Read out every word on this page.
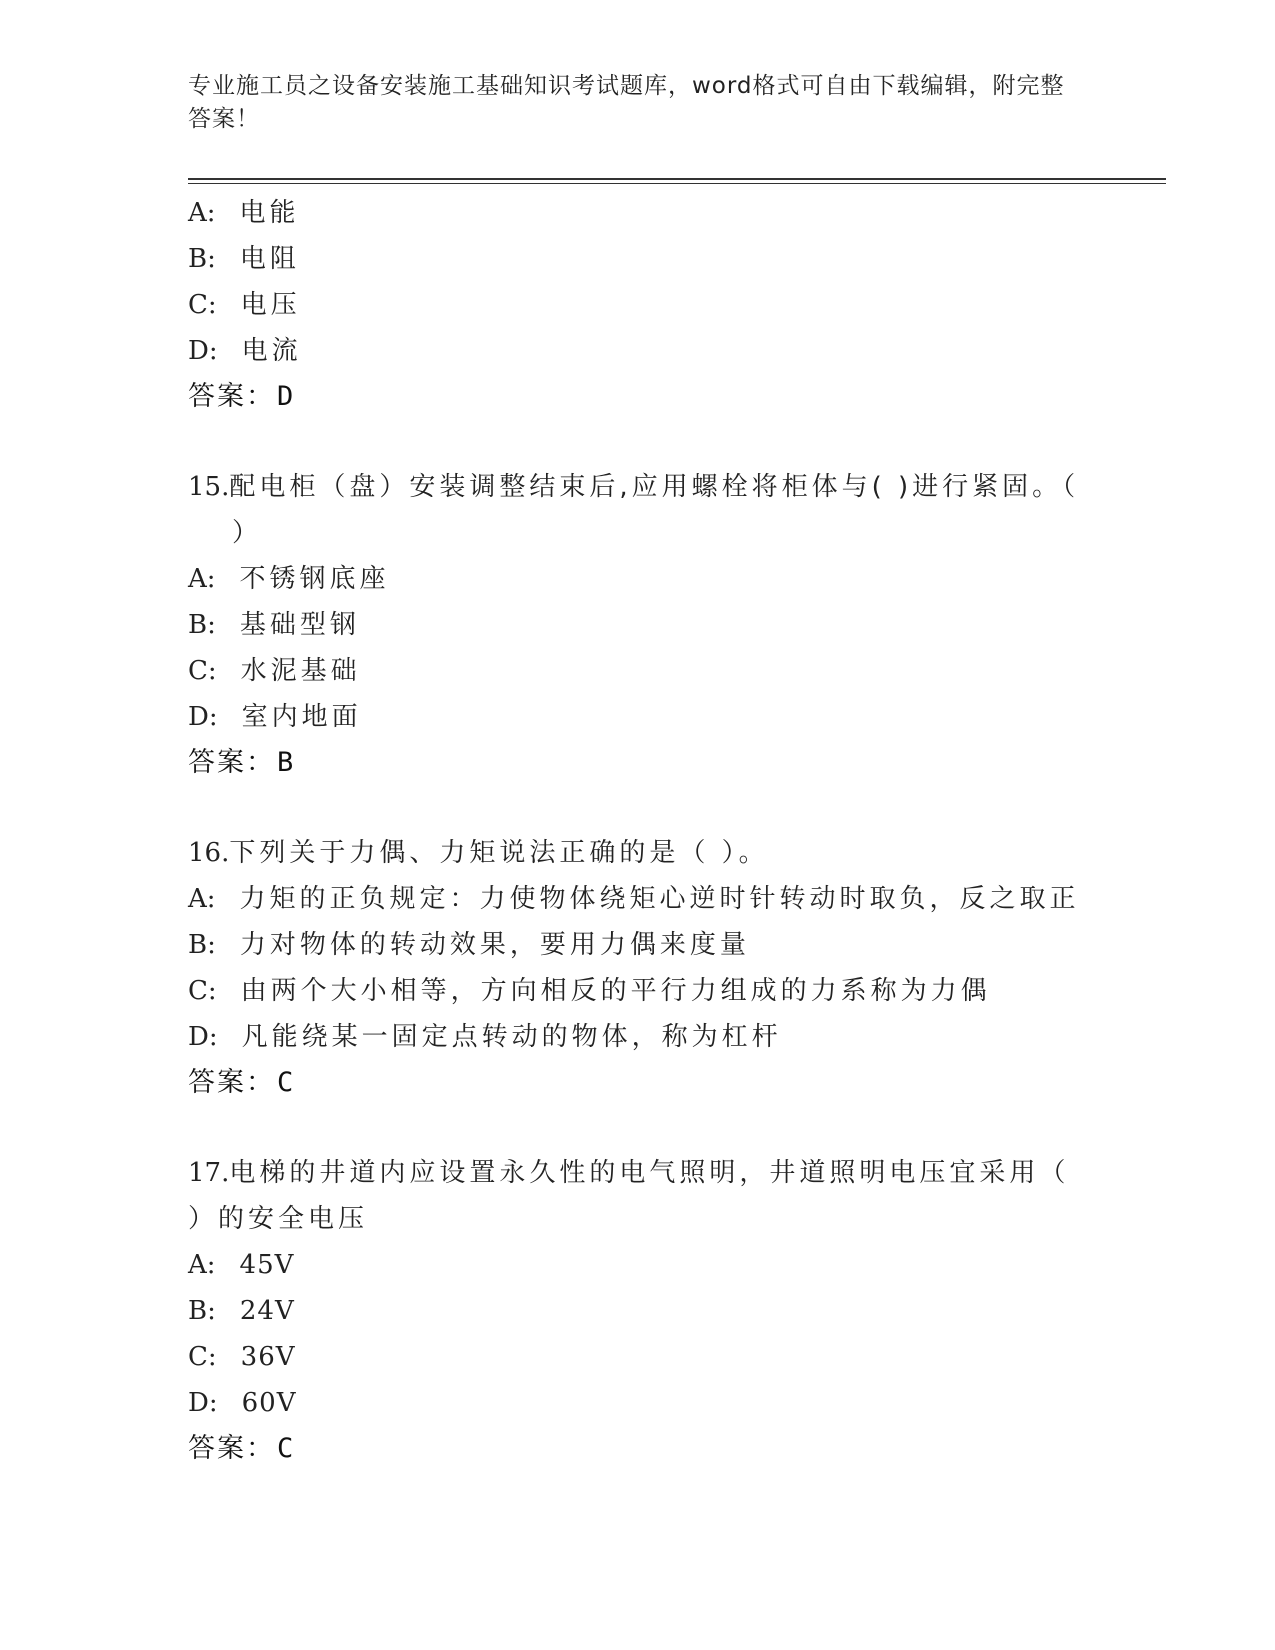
专业施工员之设备安装施工基础知识考试题库，word格式可自由下载编辑，附完整答案！
A: 电能
B: 电阻
C: 电压
D: 电流
答案：D
15.配电柜（盘）安装调整结束后,应用螺栓将柜体与( )进行紧固。（
）
A: 不锈钢底座
B: 基础型钢
C: 水泥基础
D: 室内地面
答案：B
16.下列关于力偶、力矩说法正确的是（ ）。
A: 力矩的正负规定：力使物体绕矩心逆时针转动时取负，反之取正
B: 力对物体的转动效果，要用力偶来度量
C: 由两个大小相等，方向相反的平行力组成的力系称为力偶
D: 凡能绕某一固定点转动的物体，称为杠杆
答案：C
17.电梯的井道内应设置永久性的电气照明，井道照明电压宜采用（
）的安全电压
A: 45V
B: 24V
C: 36V
D: 60V
答案：C
